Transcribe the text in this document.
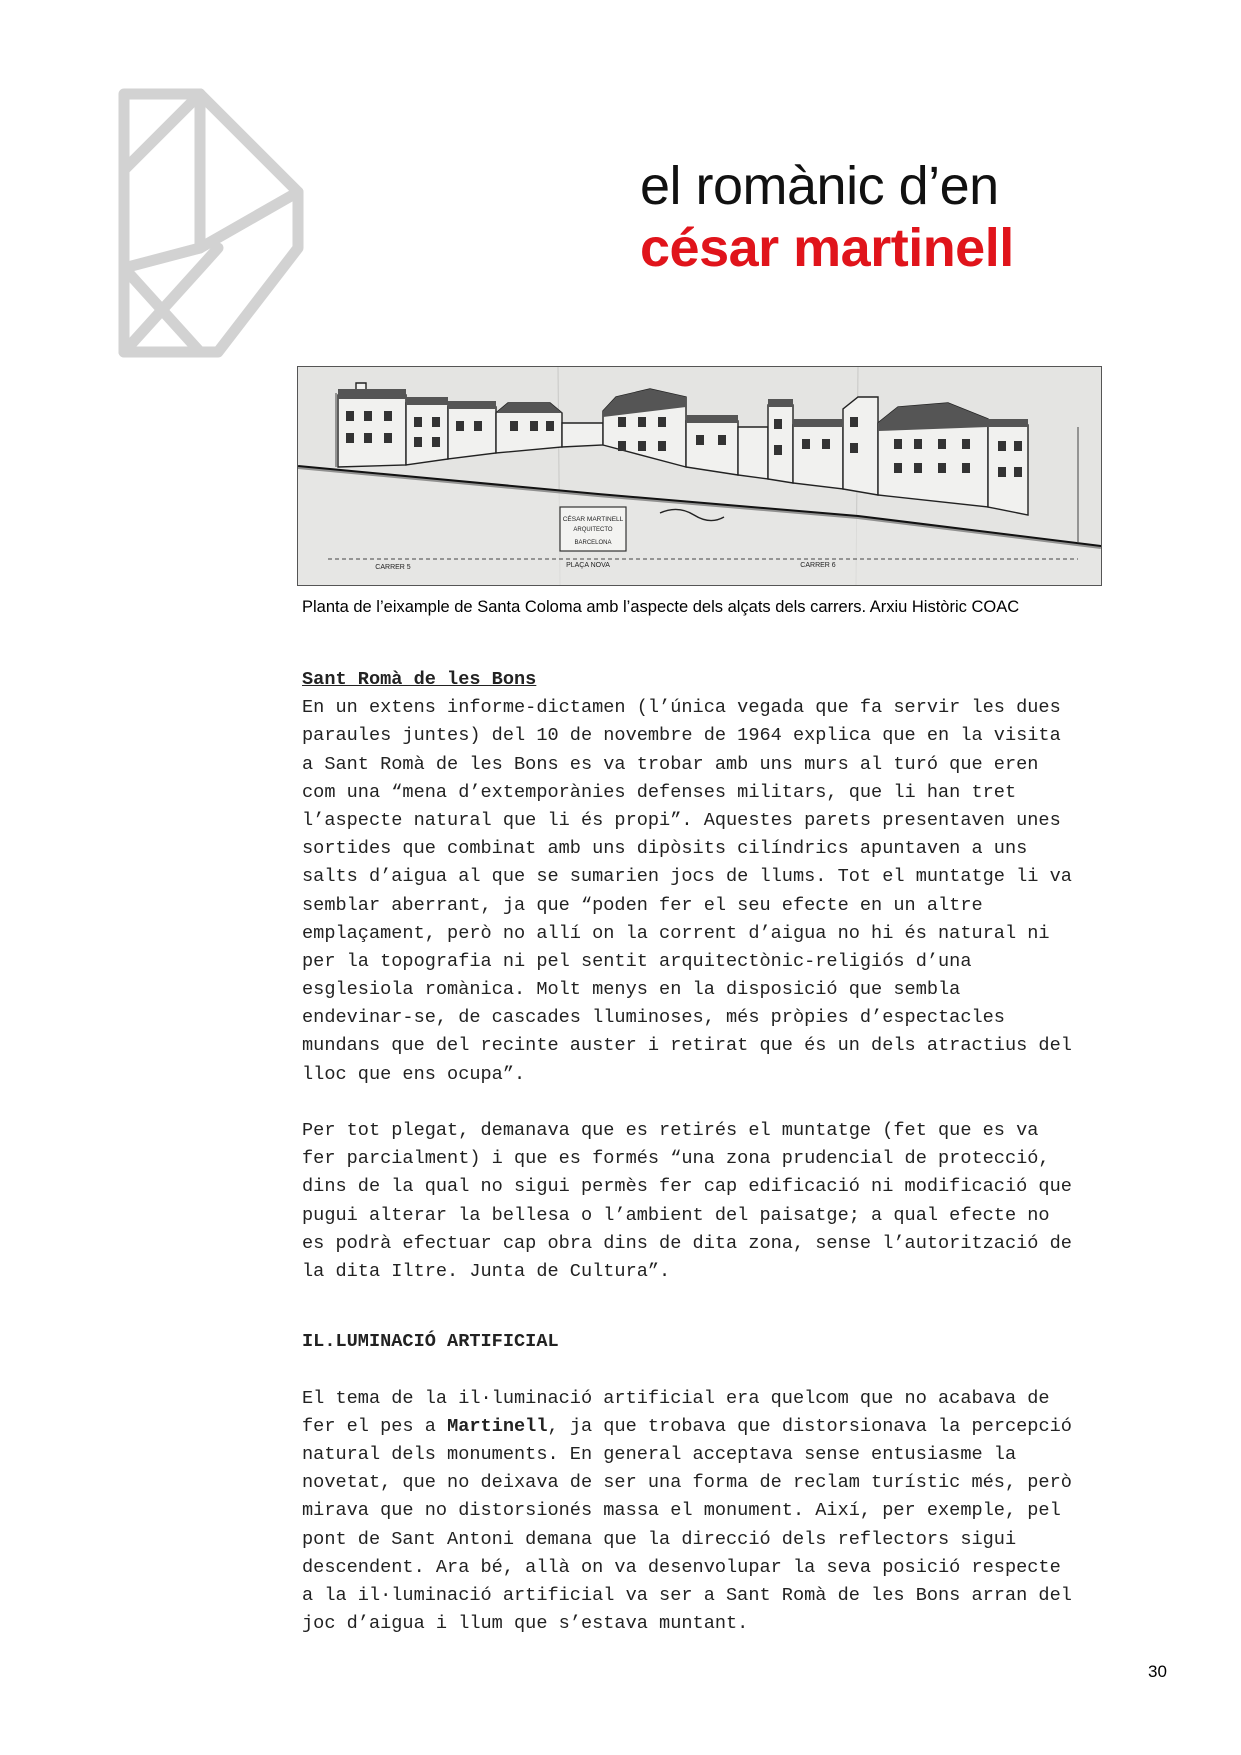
el romànic d’en
césar martinell
CÉSAR MARTINELL
ARQUITECTO
BARCELONA
CARRER 5	PLAÇA NOVA	CARRER 6
Planta de l’eixample de Santa Coloma amb l’aspecte dels alçats dels carrers. Arxiu Històric COAC
Sant Romà de les Bons
En un extens informe-dictamen (l’única vegada que fa servir les dues
paraules juntes) del 10 de novembre de 1964 explica que en la visita
a Sant Romà de les Bons es va trobar amb uns murs al turó que eren
com una “mena d’extemporànies defenses militars, que li han tret
l’aspecte natural que li és propi”. Aquestes parets presentaven unes
sortides que combinat amb uns dipòsits cilíndrics apuntaven a uns
salts d’aigua al que se sumarien jocs de llums. Tot el muntatge li va
semblar aberrant, ja que “poden fer el seu efecte en un altre
emplaçament, però no allí on la corrent d’aigua no hi és natural ni
per la topografia ni pel sentit arquitectònic-religiós d’una
esglesiola romànica. Molt menys en la disposició que sembla
endevinar-se, de cascades lluminoses, més pròpies d’espectacles
mundans que del recinte auster i retirat que és un dels atractius del
lloc que ens ocupa”.
Per tot plegat, demanava que es retirés el muntatge (fet que es va
fer parcialment) i que es formés “una zona prudencial de protecció,
dins de la qual no sigui permès fer cap edificació ni modificació que
pugui alterar la bellesa o l’ambient del paisatge; a qual efecte no
es podrà efectuar cap obra dins de dita zona, sense l’autorització de
la dita Iltre. Junta de Cultura”.
IL.LUMINACIÓ ARTIFICIAL
El tema de la il·luminació artificial era quelcom que no acabava de
fer el pes a Martinell, ja que trobava que distorsionava la percepció
natural dels monuments. En general acceptava sense entusiasme la
novetat, que no deixava de ser una forma de reclam turístic més, però
mirava que no distorsionés massa el monument. Així, per exemple, pel
pont de Sant Antoni demana que la direcció dels reflectors sigui
descendent. Ara bé, allà on va desenvolupar la seva posició respecte
a la il·luminació artificial va ser a Sant Romà de les Bons arran del
joc d’aigua i llum que s’estava muntant.
30
